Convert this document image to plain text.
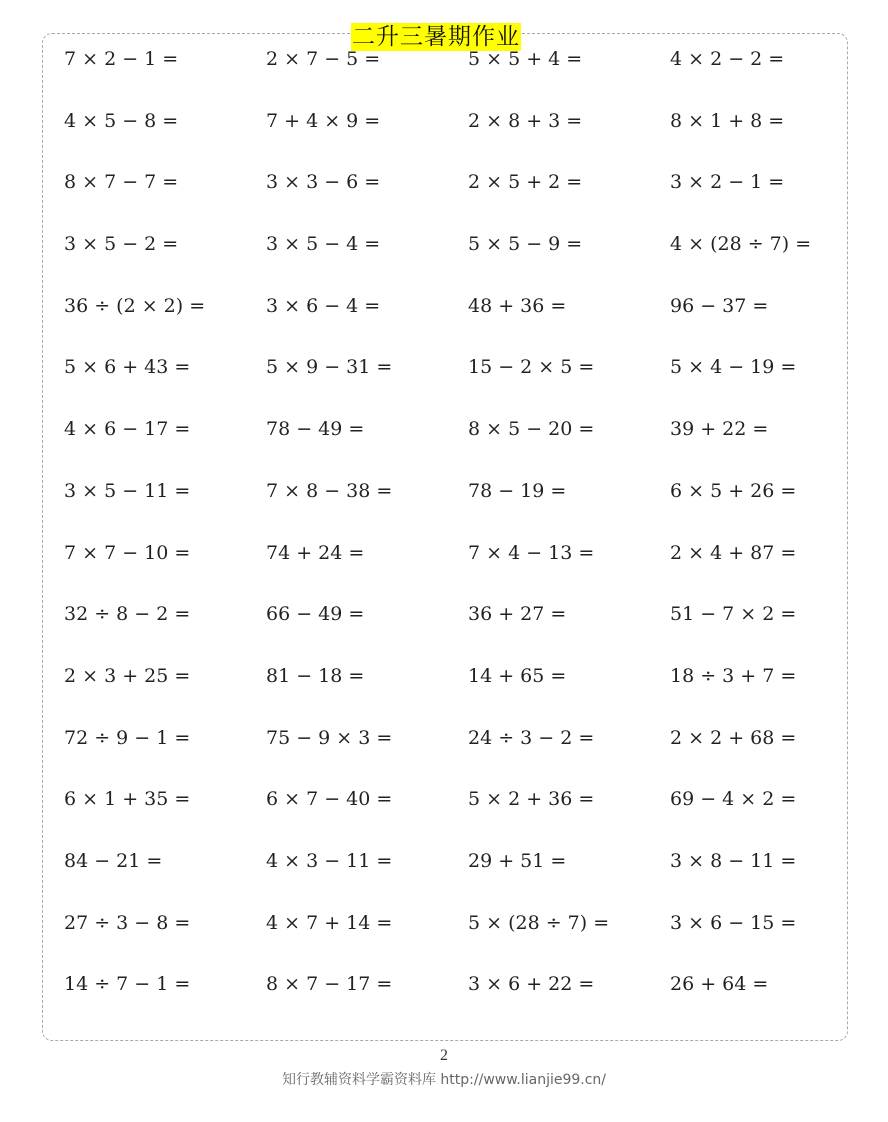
二升三暑期作业
7 × 2 − 1 =	2 × 7 − 5 =	5 × 5 + 4 =	4 × 2 − 2 =
4 × 5 − 8 =	7 + 4 × 9 =	2 × 8 + 3 =	8 × 1 + 8 =
8 × 7 − 7 =	3 × 3 − 6 =	2 × 5 + 2 =	3 × 2 − 1 =
3 × 5 − 2 =	3 × 5 − 4 =	5 × 5 − 9 =	4 × (28 ÷ 7) =
36 ÷ (2 × 2) =	3 × 6 − 4 =	48 + 36 =	96 − 37 =
5 × 6 + 43 =	5 × 9 − 31 =	15 − 2 × 5 =	5 × 4 − 19 =
4 × 6 − 17 =	78 − 49 =	8 × 5 − 20 =	39 + 22 =
3 × 5 − 11 =	7 × 8 − 38 =	78 − 19 =	6 × 5 + 26 =
7 × 7 − 10 =	74 + 24 =	7 × 4 − 13 =	2 × 4 + 87 =
32 ÷ 8 − 2 =	66 − 49 =	36 + 27 =	51 − 7 × 2 =
2 × 3 + 25 =	81 − 18 =	14 + 65 =	18 ÷ 3 + 7 =
72 ÷ 9 − 1 =	75 − 9 × 3 =	24 ÷ 3 − 2 =	2 × 2 + 68 =
6 × 1 + 35 =	6 × 7 − 40 =	5 × 2 + 36 =	69 − 4 × 2 =
84 − 21 =	4 × 3 − 11 =	29 + 51 =	3 × 8 − 11 =
27 ÷ 3 − 8 =	4 × 7 + 14 =	5 × (28 ÷ 7) =	3 × 6 − 15 =
14 ÷ 7 − 1 =	8 × 7 − 17 =	3 × 6 + 22 =	26 + 64 =
2
知行教辅资料学霸资料库 http://www.lianjie99.cn/
